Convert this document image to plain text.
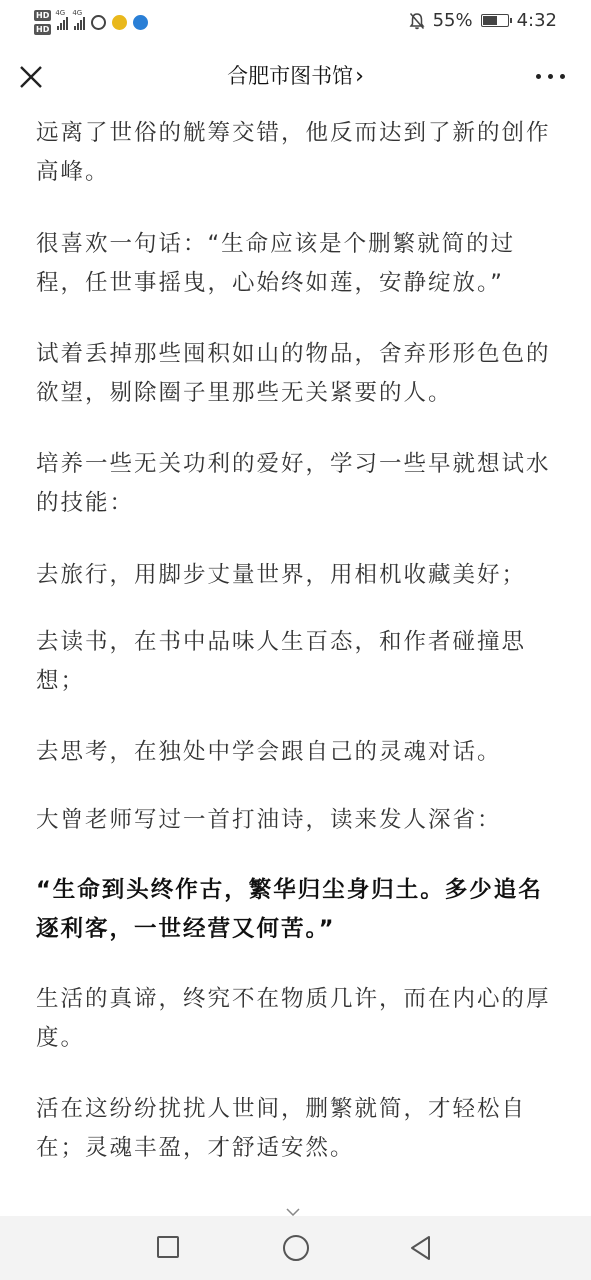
HD
HD
4G 4G	55% 4:32
合肥市图书馆›

远离了世俗的觥筹交错，他反而达到了新的创作高峰。

很喜欢一句话：“生命应该是个删繁就简的过程，任世事摇曳，心始终如莲，安静绽放。”

试着丢掉那些囤积如山的物品，舍弃形形色色的欲望，剔除圈子里那些无关紧要的人。

培养一些无关功利的爱好，学习一些早就想试水的技能：

去旅行，用脚步丈量世界，用相机收藏美好；

去读书，在书中品味人生百态，和作者碰撞思想；

去思考，在独处中学会跟自己的灵魂对话。

大曾老师写过一首打油诗，读来发人深省：

“生命到头终作古，繁华归尘身归土。多少追名逐利客，一世经营又何苦。”

生活的真谛，终究不在物质几许，而在内心的厚度。

活在这纷纷扰扰人世间，删繁就简，才轻松自在；灵魂丰盈，才舒适安然。
